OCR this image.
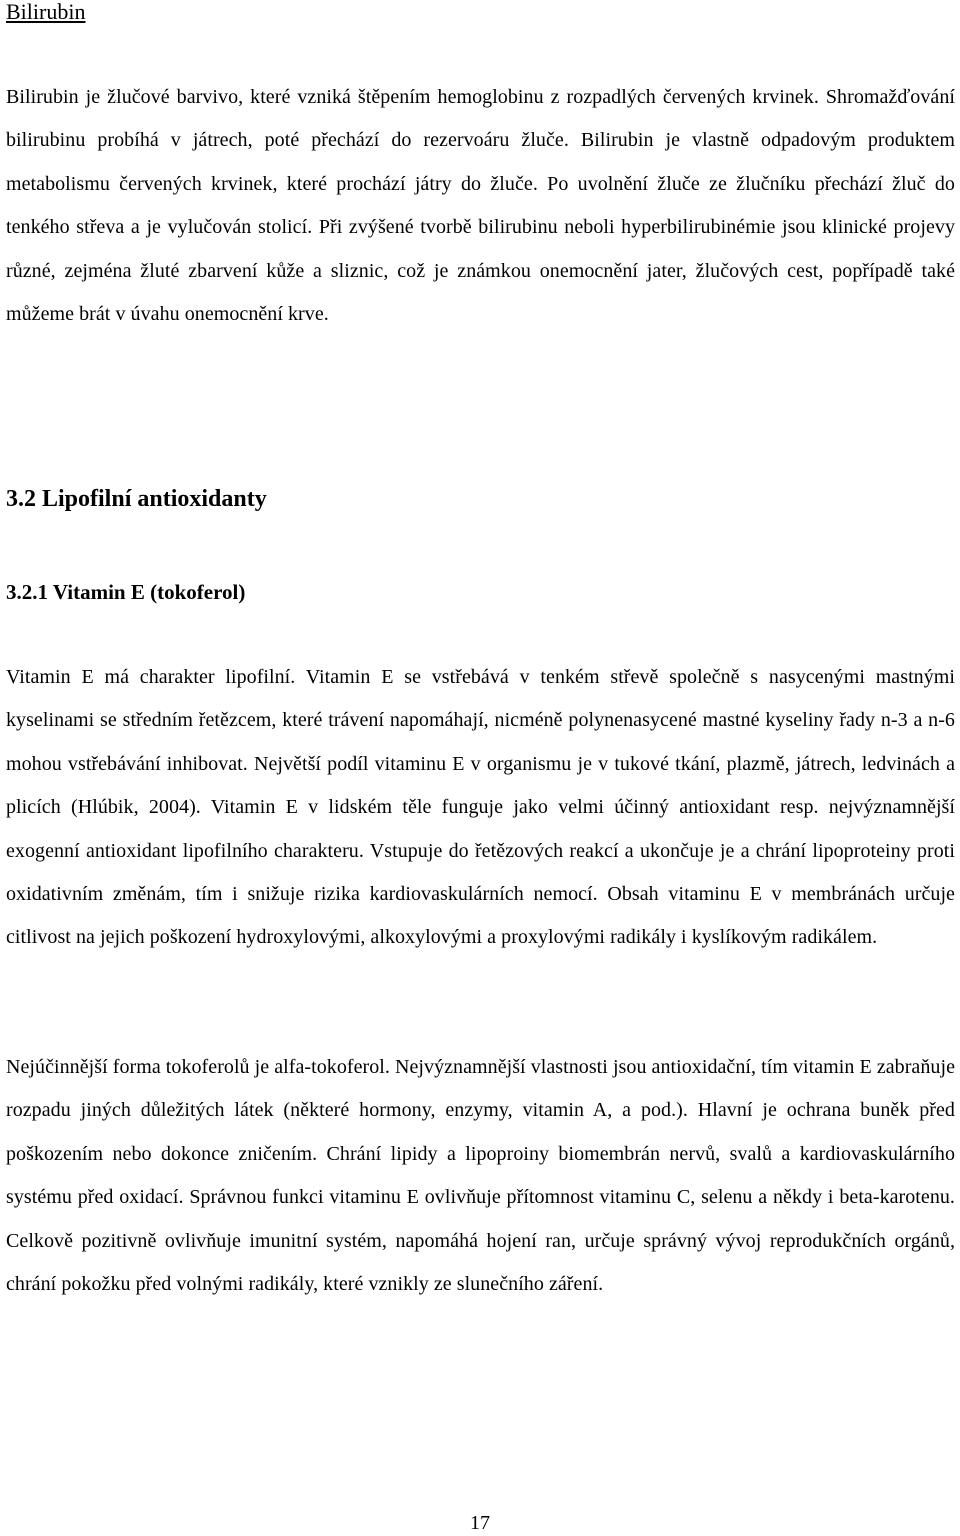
Bilirubin

Bilirubin je žlučové barvivo, které vzniká štěpením hemoglobinu z rozpadlých červených krvinek. Shromažďování bilirubinu probíhá v játrech, poté přechází do rezervoáru žluče. Bilirubin je vlastně odpadovým produktem metabolismu červených krvinek, které prochází játry do žluče. Po uvolnění žluče ze žlučníku přechází žluč do tenkého střeva a je vylučován stolicí. Při zvýšené tvorbě bilirubinu neboli hyperbilirubinémie jsou klinické projevy různé, zejména žluté zbarvení kůže a sliznic, což je známkou onemocnění jater, žlučových cest, popřípadě také můžeme brát v úvahu onemocnění krve.

3.2 Lipofilní antioxidanty
3.2.1 Vitamin E (tokoferol)

Vitamin E má charakter lipofilní. Vitamin E se vstřebává v tenkém střevě společně s nasycenými mastnými kyselinami se středním řetězcem, které trávení napomáhají, nicméně polynenasycené mastné kyseliny řady n-3 a n-6 mohou vstřebávání inhibovat. Největší podíl vitaminu E v organismu je v tukové tkání, plazmě, játrech, ledvinách a plicích (Hlúbik, 2004). Vitamin E v lidském těle funguje jako velmi účinný antioxidant resp. nejvýznamnější exogenní antioxidant lipofilního charakteru. Vstupuje do řetězových reakcí a ukončuje je a chrání lipoproteiny proti oxidativním změnám, tím i snižuje rizika kardiovaskulárních nemocí. Obsah vitaminu E v membránách určuje citlivost na jejich poškození hydroxylovými, alkoxylovými a proxylovými radikály i kyslíkovým radikálem.

Nejúčinnější forma tokoferolů je alfa-tokoferol. Nejvýznamnější vlastnosti jsou antioxidační, tím vitamin E zabraňuje rozpadu jiných důležitých látek (některé hormony, enzymy, vitamin A, a pod.). Hlavní je ochrana buněk před poškozením nebo dokonce zničením. Chrání lipidy a lipoproiny biomembrán nervů, svalů a kardiovaskulárního systému před oxidací. Správnou funkci vitaminu E ovlivňuje přítomnost vitaminu C, selenu a někdy i beta-karotenu. Celkově pozitivně ovlivňuje imunitní systém, napomáhá hojení ran, určuje správný vývoj reprodukčních orgánů, chrání pokožku před volnými radikály, které vznikly ze slunečního záření.

17
